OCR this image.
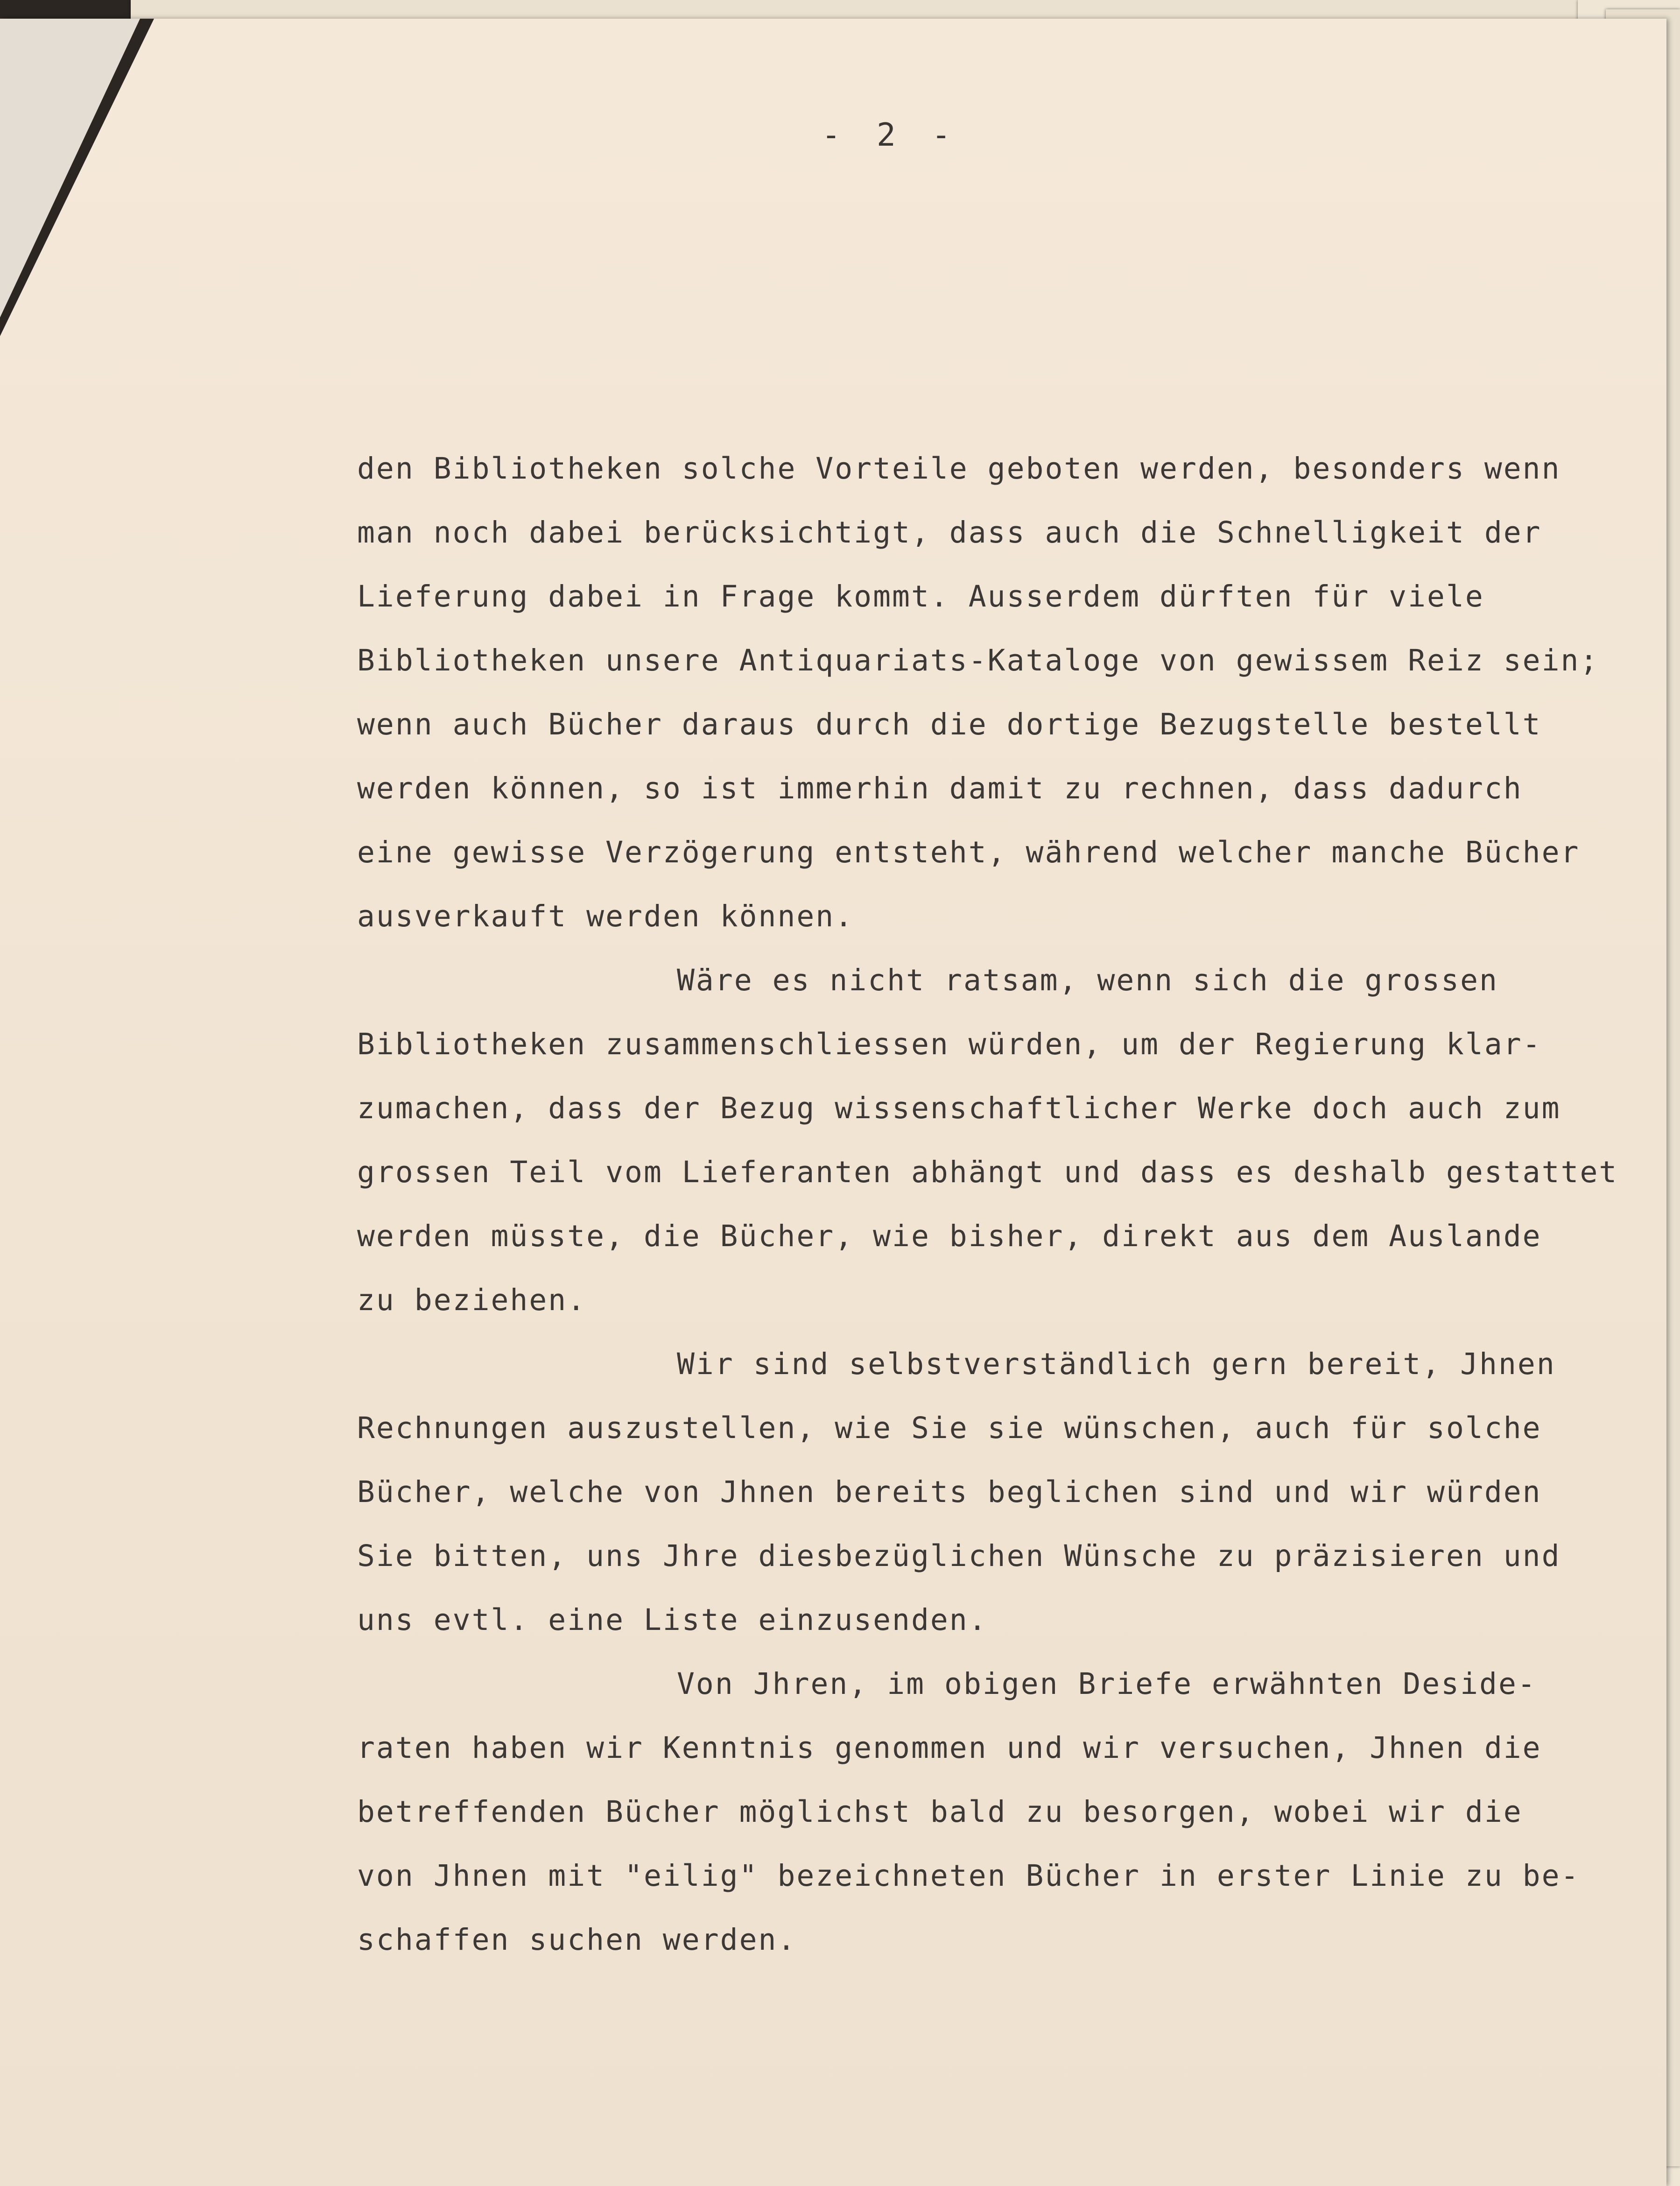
- 2 -
den Bibliotheken solche Vorteile geboten werden, besonders wenn
man noch dabei berücksichtigt, dass auch die Schnelligkeit der
Lieferung dabei in Frage kommt. Ausserdem dürften für viele
Bibliotheken unsere Antiquariats-Kataloge von gewissem Reiz sein;
wenn auch Bücher daraus durch die dortige Bezugstelle bestellt
werden können, so ist immerhin damit zu rechnen, dass dadurch
eine gewisse Verzögerung entsteht, während welcher manche Bücher
ausverkauft werden können.
Wäre es nicht ratsam, wenn sich die grossen
Bibliotheken zusammenschliessen würden, um der Regierung klar-
zumachen, dass der Bezug wissenschaftlicher Werke doch auch zum
grossen Teil vom Lieferanten abhängt und dass es deshalb gestattet
werden müsste, die Bücher, wie bisher, direkt aus dem Auslande
zu beziehen.
Wir sind selbstverständlich gern bereit, Jhnen
Rechnungen auszustellen, wie Sie sie wünschen, auch für solche
Bücher, welche von Jhnen bereits beglichen sind und wir würden
Sie bitten, uns Jhre diesbezüglichen Wünsche zu präzisieren und
uns evtl. eine Liste einzusenden.
Von Jhren, im obigen Briefe erwähnten Deside-
raten haben wir Kenntnis genommen und wir versuchen, Jhnen die
betreffenden Bücher möglichst bald zu besorgen, wobei wir die
von Jhnen mit "eilig" bezeichneten Bücher in erster Linie zu be-
schaffen suchen werden.
